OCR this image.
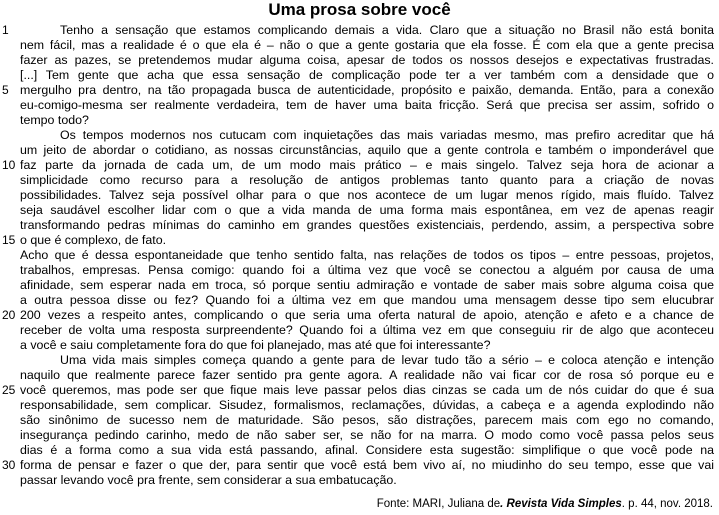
Uma prosa sobre você
1
5
10
15
20
25
30
Tenho a sensação que estamos complicando demais a vida. Claro que a situação no Brasil não está bonita
nem fácil, mas a realidade é o que ela é – não o que a gente gostaria que ela fosse. É com ela que a gente precisa
fazer as pazes, se pretendemos mudar alguma coisa, apesar de todos os nossos desejos e expectativas frustradas.
[...] Tem gente que acha que essa sensação de complicação pode ter a ver também com a densidade que o
mergulho pra dentro, na tão propagada busca de autenticidade, propósito e paixão, demanda. Então, para a conexão
eu-comigo-mesma ser realmente verdadeira, tem de haver uma baita fricção. Será que precisa ser assim, sofrido o
tempo todo?
Os tempos modernos nos cutucam com inquietações das mais variadas mesmo, mas prefiro acreditar que há
um jeito de abordar o cotidiano, as nossas circunstâncias, aquilo que a gente controla e também o imponderável que
faz parte da jornada de cada um, de um modo mais prático – e mais singelo. Talvez seja hora de acionar a
simplicidade como recurso para a resolução de antigos problemas tanto quanto para a criação de novas
possibilidades. Talvez seja possível olhar para o que nos acontece de um lugar menos rígido, mais fluído. Talvez
seja saudável escolher lidar com o que a vida manda de uma forma mais espontânea, em vez de apenas reagir
transformando pedras mínimas do caminho em grandes questões existenciais, perdendo, assim, a perspectiva sobre
o que é complexo, de fato.
Acho que é dessa espontaneidade que tenho sentido falta, nas relações de todos os tipos – entre pessoas, projetos,
trabalhos, empresas. Pensa comigo: quando foi a última vez que você se conectou a alguém por causa de uma
afinidade, sem esperar nada em troca, só porque sentiu admiração e vontade de saber mais sobre alguma coisa que
a outra pessoa disse ou fez? Quando foi a última vez em que mandou uma mensagem desse tipo sem elucubrar
200 vezes a respeito antes, complicando o que seria uma oferta natural de apoio, atenção e afeto e a chance de
receber de volta uma resposta surpreendente? Quando foi a última vez em que conseguiu rir de algo que aconteceu
a você e saiu completamente fora do que foi planejado, mas até que foi interessante?
Uma vida mais simples começa quando a gente para de levar tudo tão a sério – e coloca atenção e intenção
naquilo que realmente parece fazer sentido pra gente agora. A realidade não vai ficar cor de rosa só porque eu e
você queremos, mas pode ser que fique mais leve passar pelos dias cinzas se cada um de nós cuidar do que é sua
responsabilidade, sem complicar. Sisudez, formalismos, reclamações, dúvidas, a cabeça e a agenda explodindo não
são sinônimo de sucesso nem de maturidade. São pesos, são distrações, parecem mais com ego no comando,
insegurança pedindo carinho, medo de não saber ser, se não for na marra. O modo como você passa pelos seus
dias é a forma como a sua vida está passando, afinal. Considere esta sugestão: simplifique o que você pode na
forma de pensar e fazer o que der, para sentir que você está bem vivo aí, no miudinho do seu tempo, esse que vai
passar levando você pra frente, sem considerar a sua embatucação.
Fonte: MARI, Juliana de. Revista Vida Simples. p. 44, nov. 2018.
